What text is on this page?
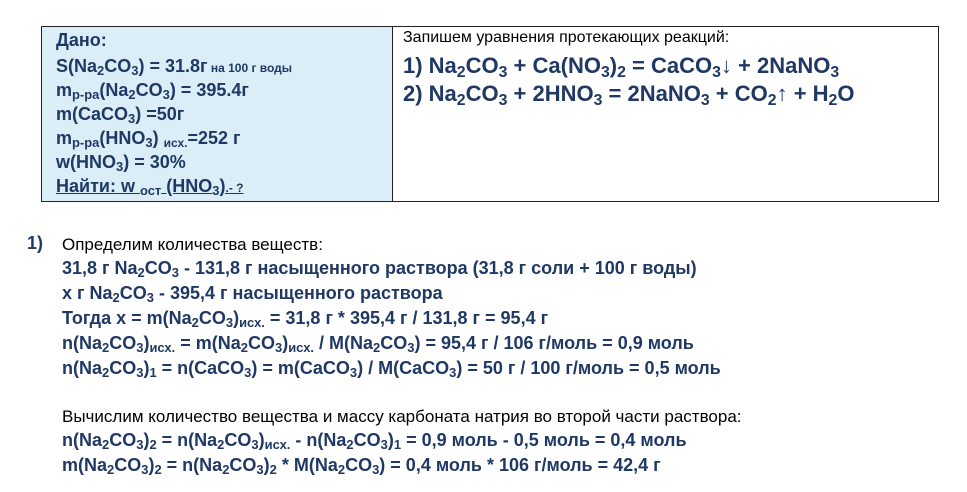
Дано:
$S(Na_2CO_3) = 31.8г$ на 100 г воды
$m_{р-ра}(Na_2CO_3) = 395.4г$
m(CaCO$_3$) =50г
$m_{р-ра}(HNO_3)$ $_{исх.}$=252 г
$w(HNO_3) = 30\%$
Найти: w $_{ост}$ $(HNO_3).-$ ?
Запишем уравнения протекающих реакций:
1) $Na_2CO_3 + Ca(NO_3)_2$ = CaCO$_3$↓ + 2NaNO$_3$
2) $Na_2CO_3 + 2HNO_3$ = 2NaNO$_3$ + $CO_2↑ + H_2O$
1) Определим количества веществ:
31,8 г $Na_2CO_3 - 131,8$ г насыщенного раствора (31,8 г соли + 100 г воды)
х г $Na_2CO_3 - 395,4$ г насыщенного раствора
Тогда $х = m(Na_2CO_3)_{исх.} = 31,8$ г * 395,4 г / 131,8 г = 95,4 г
$n(Na_2CO_3)_{исх.} = m(Na_2CO_3)_{исх.} / M(Na_2CO_3) = 95,4$ г / 106 г/моль = 0,9 моль
$n(Na_2CO_3)_1$ = n(CaCO$_3$) = m(CaCO$_3$) / M(CaCO$_3$) = 50 г / 100 г/моль = 0,5 моль
Вычислим количество вещества и массу карбоната натрия во второй части раствора:
$n(Na_2CO_3)_2 = n(Na_2CO_3)_{исх.} - n(Na_2CO_3)_1 = 0,9$ моль - 0,5 моль = 0,4 моль
$m(Na_2CO_3)_2 = n(Na_2CO_3)_2 * M(Na_2CO_3) = 0,4$ моль * 106 г/моль = 42,4 г
